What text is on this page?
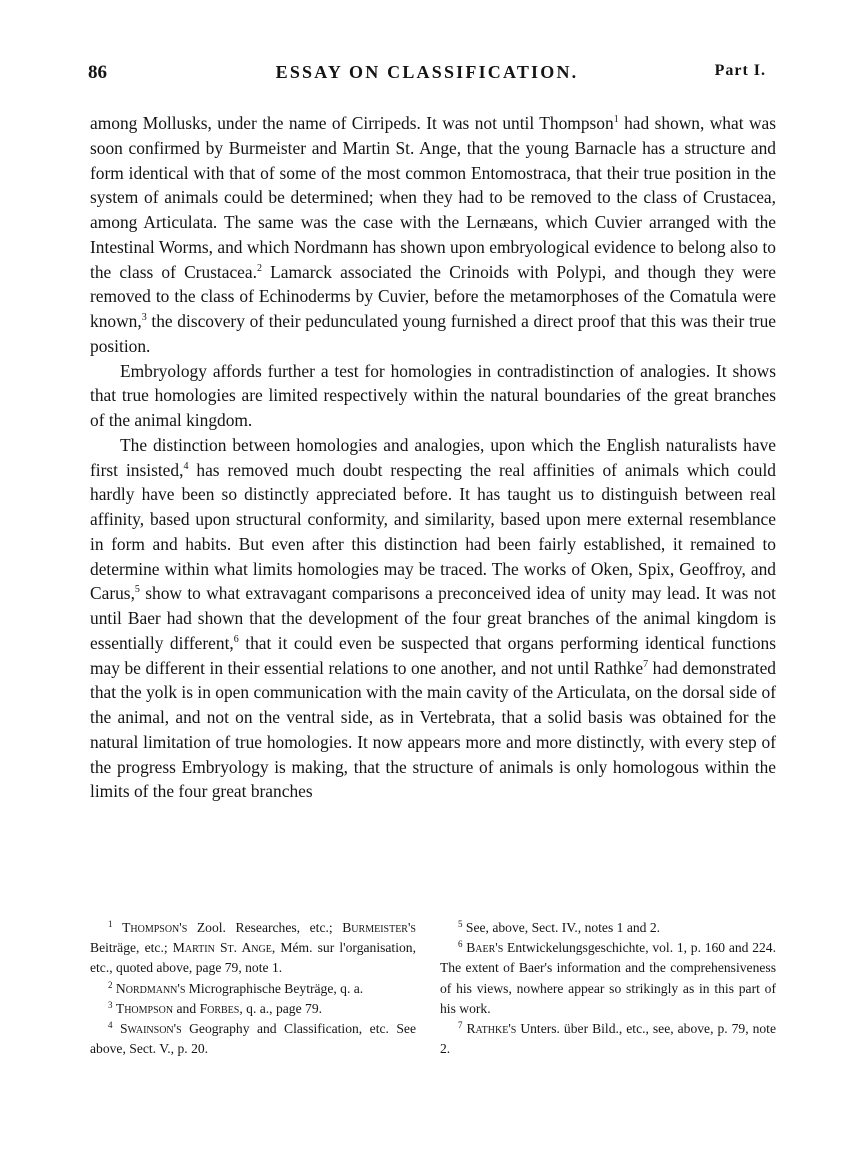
86	ESSAY ON CLASSIFICATION.	Part I.

among Mollusks, under the name of Cirripeds. It was not until Thompson$^1$ had shown, what was soon confirmed by Burmeister and Martin St. Ange, that the young Barnacle has a structure and form identical with that of some of the most common Entomostraca, that their true position in the system of animals could be determined; when they had to be removed to the class of Crustacea, among Articulata. The same was the case with the Lernæans, which Cuvier arranged with the Intestinal Worms, and which Nordmann has shown upon embryological evidence to belong also to the class of Crustacea.$^2$ Lamarck associated the Crinoids with Polypi, and though they were removed to the class of Echinoderms by Cuvier, before the metamorphoses of the Comatula were known,$^3$ the discovery of their pedunculated young furnished a direct proof that this was their true position.

Embryology affords further a test for homologies in contradistinction of analogies. It shows that true homologies are limited respectively within the natural boundaries of the great branches of the animal kingdom.

The distinction between homologies and analogies, upon which the English naturalists have first insisted,$^4$ has removed much doubt respecting the real affinities of animals which could hardly have been so distinctly appreciated before. It has taught us to distinguish between real affinity, based upon structural conformity, and similarity, based upon mere external resemblance in form and habits. But even after this distinction had been fairly established, it remained to determine within what limits homologies may be traced. The works of Oken, Spix, Geoffroy, and Carus,$^5$ show to what extravagant comparisons a preconceived idea of unity may lead. It was not until Baer had shown that the development of the four great branches of the animal kingdom is essentially different,$^6$ that it could even be suspected that organs performing identical functions may be different in their essential relations to one another, and not until Rathke$^7$ had demonstrated that the yolk is in open communication with the main cavity of the Articulata, on the dorsal side of the animal, and not on the ventral side, as in Vertebrata, that a solid basis was obtained for the natural limitation of true homologies. It now appears more and more distinctly, with every step of the progress Embryology is making, that the structure of animals is only homologous within the limits of the four great branches

$^1$ Thompson's Zool. Researches, etc.; Burmeister's Beiträge, etc.; Martin St. Ange, Mém. sur l'organisation, etc., quoted above, page 79, note 1.

$^2$ Nordmann's Micrographische Beyträge, q. a.

$^3$ Thompson and Forbes, q. a., page 79.

$^4$ Swainson's Geography and Classification, etc. See above, Sect. V., p. 20.

$^5$ See, above, Sect. IV., notes 1 and 2.

$^6$ Baer's Entwickelungsgeschichte, vol. 1, p. 160 and 224. The extent of Baer's information and the comprehensiveness of his views, nowhere appear so strikingly as in this part of his work.

$^7$ Rathke's Unters. über Bild., etc., see, above, p. 79, note 2.
